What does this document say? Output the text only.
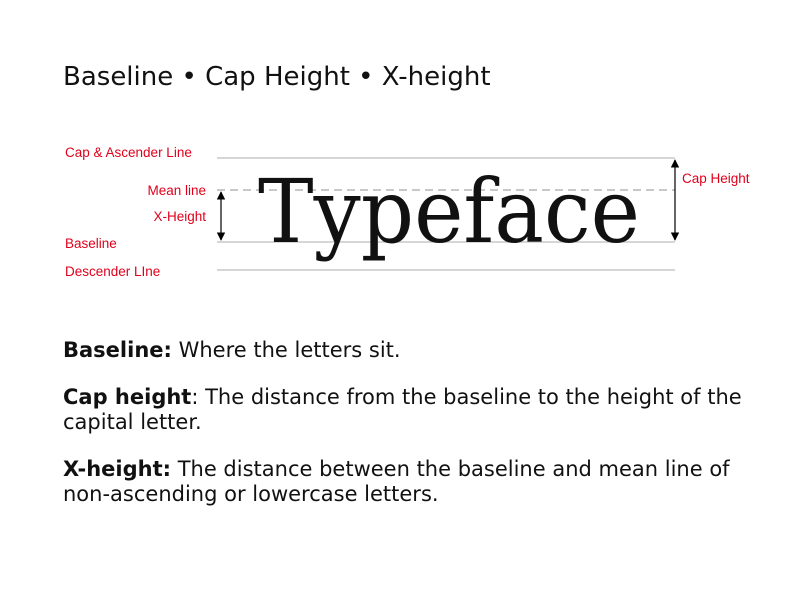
Baseline • Cap Height • X-height
Typeface
Cap & Ascender Line
Mean line
X-Height
Baseline
Descender LIne
Cap Height

Baseline: Where the letters sit.

Cap height: The distance from the baseline to the height of the capital letter.

X-height: The distance between the baseline and mean line of non-ascending or lowercase letters.
